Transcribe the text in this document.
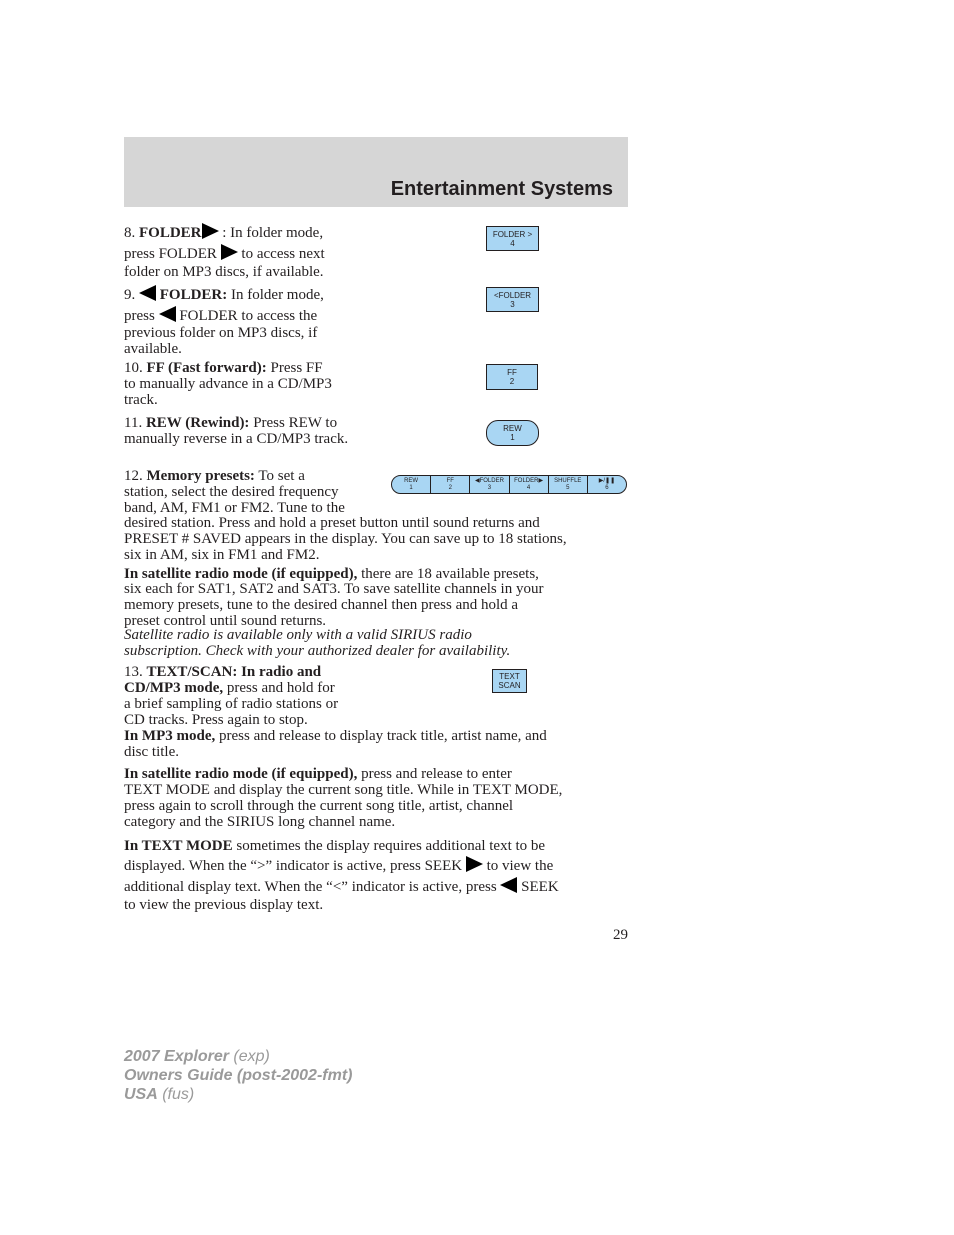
Entertainment Systems
8. FOLDER : In folder mode,
press FOLDER  to access next
folder on MP3 discs, if available.
FOLDER >
4
9. FOLDER: In folder mode,
press  FOLDER to access the
previous folder on MP3 discs, if
available.
<FOLDER
3
10. FF (Fast forward): Press FF
to manually advance in a CD/MP3
track.
FF
2
11. REW (Rewind): Press REW to
manually reverse in a CD/MP3 track.
REW
1
12. Memory presets: To set a
station, select the desired frequency
band, AM, FM1 or FM2. Tune to the
desired station. Press and hold a preset button until sound returns and
PRESET # SAVED appears in the display. You can save up to 18 stations,
six in AM, six in FM1 and FM2.
REW
1
FF
2
◀FOLDER
3
FOLDER▶
4
SHUFFLE
5
▶/❚❚
6
In satellite radio mode (if equipped), there are 18 available presets,
six each for SAT1, SAT2 and SAT3. To save satellite channels in your
memory presets, tune to the desired channel then press and hold a
preset control until sound returns.
Satellite radio is available only with a valid SIRIUS radio
subscription. Check with your authorized dealer for availability.
13. TEXT/SCAN: In radio and
CD/MP3 mode, press and hold for
a brief sampling of radio stations or
CD tracks. Press again to stop.
TEXT
SCAN
In MP3 mode, press and release to display track title, artist name, and
disc title.
In satellite radio mode (if equipped), press and release to enter
TEXT MODE and display the current song title. While in TEXT MODE,
press again to scroll through the current song title, artist, channel
category and the SIRIUS long channel name.
In TEXT MODE sometimes the display requires additional text to be
displayed. When the “>” indicator is active, press SEEK  to view the
additional display text. When the “<” indicator is active, press  SEEK
to view the previous display text.
29
2007 Explorer (exp)
Owners Guide (post-2002-fmt)
USA (fus)
